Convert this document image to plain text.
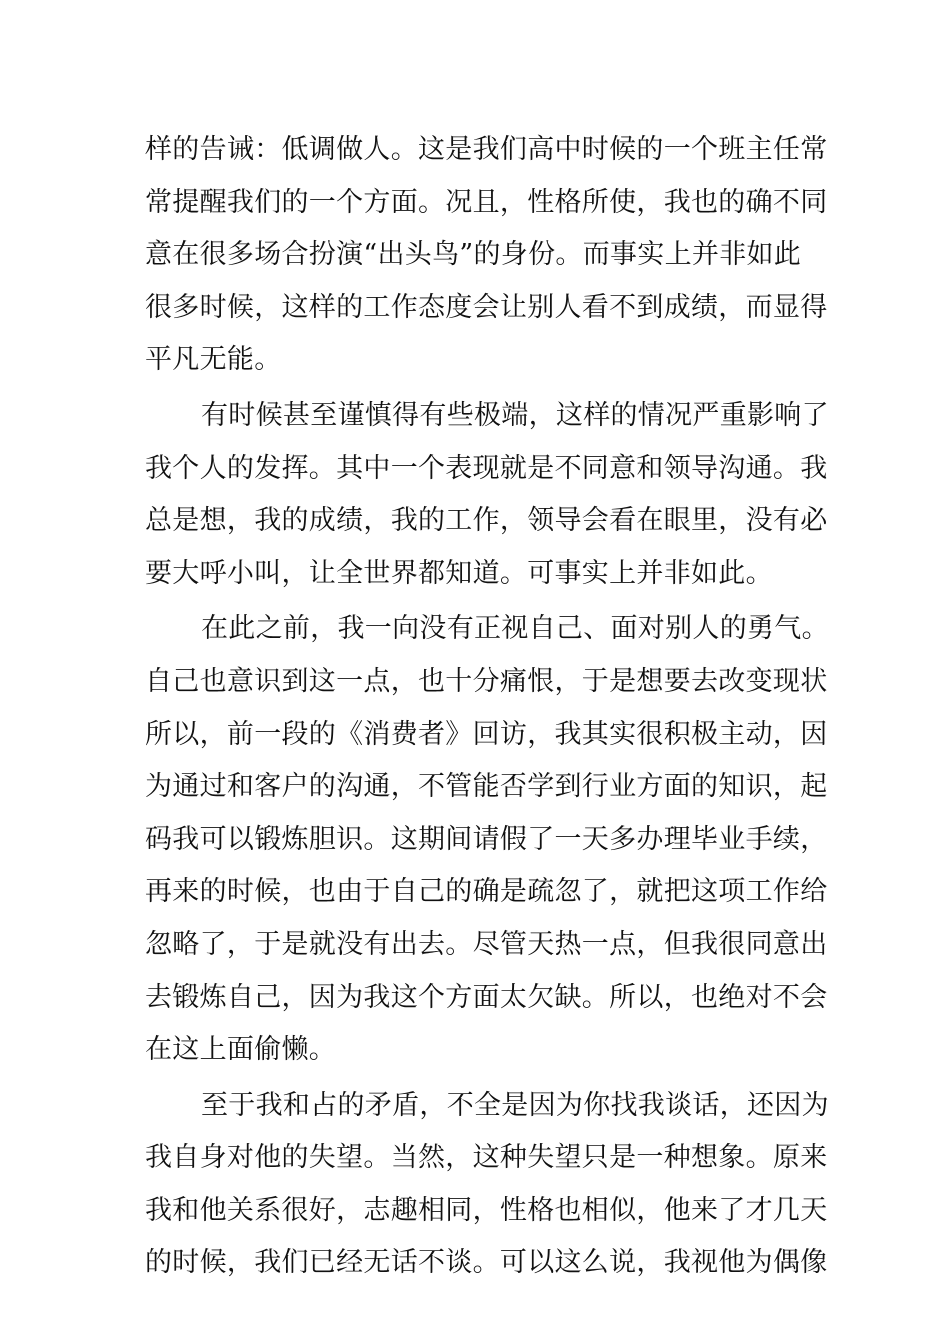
样的告诫：低调做人。这是我们高中时候的一个班主任常
常提醒我们的一个方面。况且，性格所使，我也的确不同
意在很多场合扮演“出头鸟”的身份。而事实上并非如此
很多时候，这样的工作态度会让别人看不到成绩，而显得
平凡无能。
有时候甚至谨慎得有些极端，这样的情况严重影响了
我个人的发挥。其中一个表现就是不同意和领导沟通。我
总是想，我的成绩，我的工作，领导会看在眼里，没有必
要大呼小叫，让全世界都知道。可事实上并非如此。
在此之前，我一向没有正视自己、面对别人的勇气。
自己也意识到这一点，也十分痛恨，于是想要去改变现状
所以，前一段的《消费者》回访，我其实很积极主动，因
为通过和客户的沟通，不管能否学到行业方面的知识，起
码我可以锻炼胆识。这期间请假了一天多办理毕业手续，
再来的时候，也由于自己的确是疏忽了，就把这项工作给
忽略了，于是就没有出去。尽管天热一点，但我很同意出
去锻炼自己，因为我这个方面太欠缺。所以，也绝对不会
在这上面偷懒。
至于我和占的矛盾，不全是因为你找我谈话，还因为
我自身对他的失望。当然，这种失望只是一种想象。原来
我和他关系很好，志趣相同，性格也相似，他来了才几天
的时候，我们已经无话不谈。可以这么说，我视他为偶像
